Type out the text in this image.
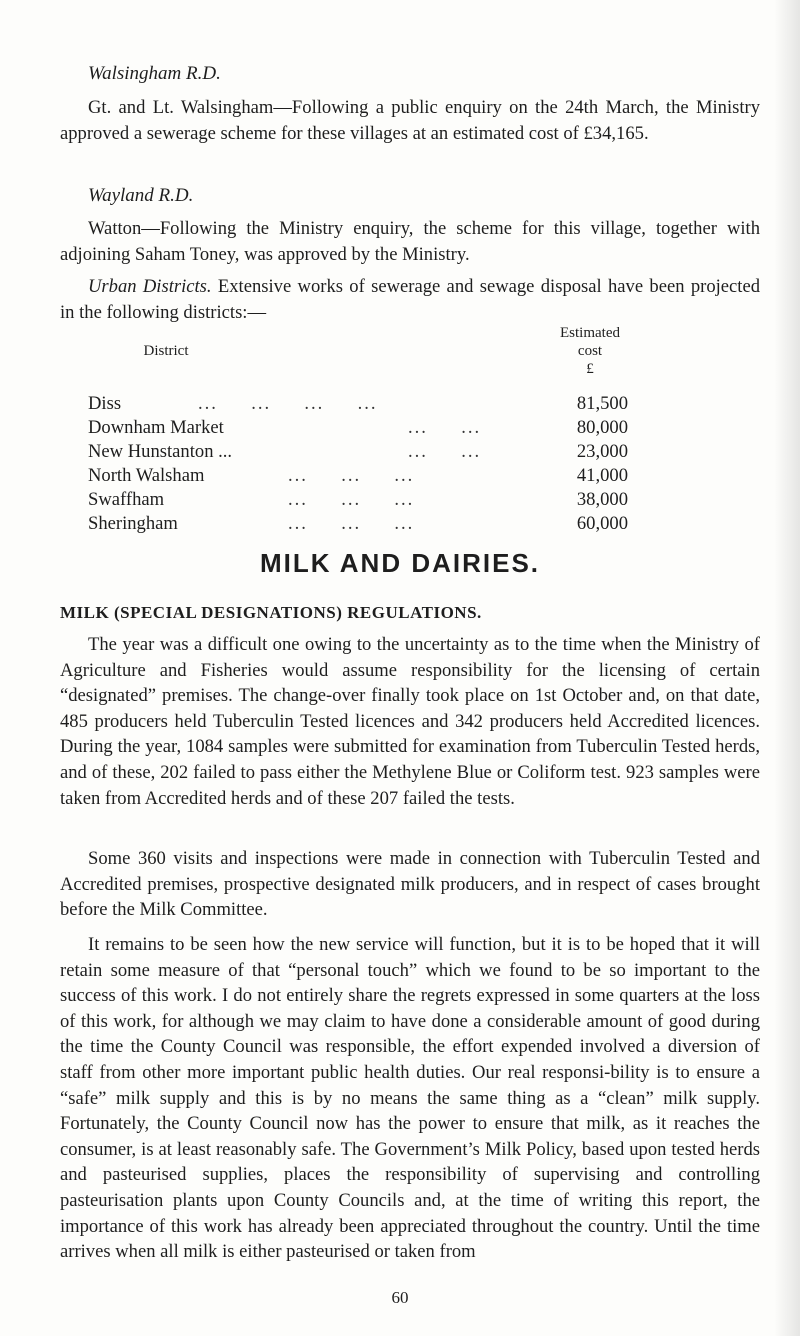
Walsingham R.D.

Gt. and Lt. Walsingham—Following a public enquiry on the 24th March, the Ministry approved a sewerage scheme for these villages at an estimated cost of £34,165.

Wayland R.D.

Watton—Following the Ministry enquiry, the scheme for this village, together with adjoining Saham Toney, was approved by the Ministry.

Urban Districts. Extensive works of sewerage and sewage disposal have been projected in the following districts:—

District

Estimated

cost

£

Diss	...     ...     ...     ...	81,500
Downham Market	...     ...	80,000
New Hunstanton ...	...     ...	23,000
North Walsham	...     ...     ...	41,000
Swaffham	...     ...     ...	38,000
Sheringham	...     ...     ...	60,000

MILK AND DAIRIES.

MILK (SPECIAL DESIGNATIONS) REGULATIONS.

The year was a difficult one owing to the uncertainty as to the time when the Ministry of Agriculture and Fisheries would assume responsibility for the licensing of certain “designated” premises. The change-over finally took place on 1st October and, on that date, 485 producers held Tuberculin Tested licences and 342 producers held Accredited licences. During the year, 1084 samples were submitted for examination from Tuberculin Tested herds, and of these, 202 failed to pass either the Methylene Blue or Coliform test. 923 samples were taken from Accredited herds and of these 207 failed the tests.

Some 360 visits and inspections were made in connection with Tuberculin Tested and Accredited premises, prospective designated milk producers, and in respect of cases brought before the Milk Committee.

It remains to be seen how the new service will function, but it is to be hoped that it will retain some measure of that “personal touch” which we found to be so important to the success of this work. I do not entirely share the regrets expressed in some quarters at the loss of this work, for although we may claim to have done a considerable amount of good during the time the County Council was responsible, the effort expended involved a diversion of staff from other more important public health duties. Our real responsi-bility is to ensure a “safe” milk supply and this is by no means the same thing as a “clean” milk supply. Fortunately, the County Council now has the power to ensure that milk, as it reaches the consumer, is at least reasonably safe. The Government’s Milk Policy, based upon tested herds and pasteurised supplies, places the responsibility of supervising and controlling pasteurisation plants upon County Councils and, at the time of writing this report, the importance of this work has already been appreciated throughout the country. Until the time arrives when all milk is either pasteurised or taken from

60
